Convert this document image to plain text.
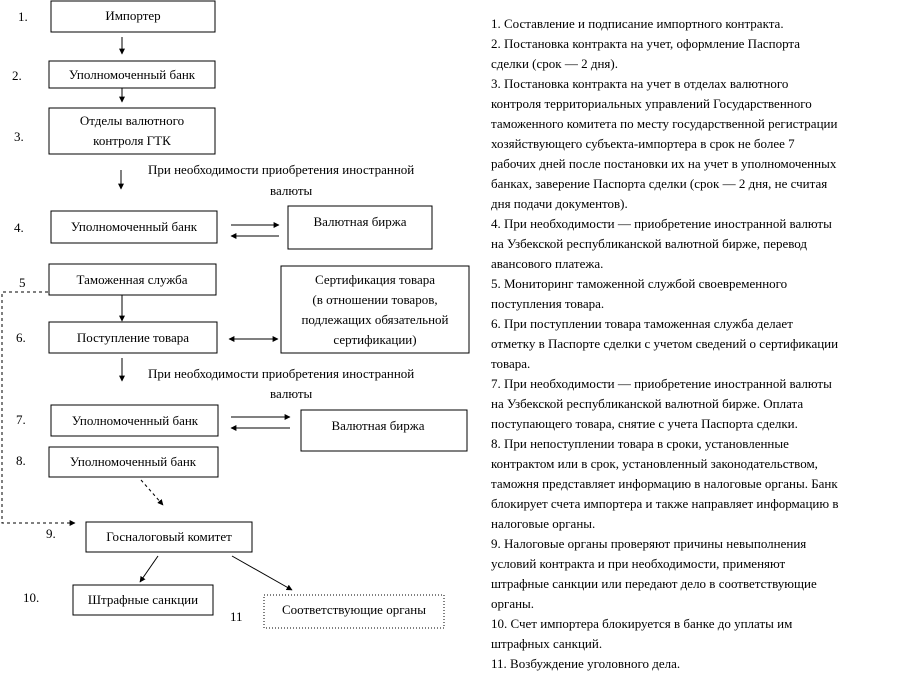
1.
2.
3.
4.
5
6.
7.
8.
9.
10.
11
Импортер
Уполномоченный банк
Отделы валютного
контроля ГТК
Уполномоченный банк	Валютная биржа
Таможенная служба	Сертификация товара
(в отношении товаров,
подлежащих обязательной
сертификации)
Поступление товара
Уполномоченный банк	Валютная биржа
Уполномоченный банк
Госналоговый комитет
Штрафные санкции
Соответствующие органы
При необходимости приобретения иностранной
валюты
При необходимости приобретения иностранной
валюты
1. Составление и подписание импортного контракта.
2. Постановка контракта на учет, оформление Паспорта
сделки (срок — 2 дня).
3. Постановка контракта на учет в отделах валютного
контроля территориальных управлений Государственного
таможенного комитета по месту государственной регистрации
хозяйствующего субъекта-импортера в срок не более 7
рабочих дней после постановки их на учет в уполномоченных
банках, заверение Паспорта сделки (срок — 2 дня, не считая
дня подачи документов).
4. При необходимости — приобретение иностранной валюты
на Узбекской республиканской валютной бирже, перевод
авансового платежа.
5. Мониторинг таможенной службой своевременного
поступления товара.
6. При поступлении товара таможенная служба делает
отметку в Паспорте сделки с учетом сведений о сертификации
товара.
7. При необходимости — приобретение иностранной валюты
на Узбекской республиканской валютной бирже. Оплата
поступающего товара, снятие с учета Паспорта сделки.
8. При непоступлении товара в сроки, установленные
контрактом или в срок, установленный законодательством,
таможня представляет информацию в налоговые органы. Банк
блокирует счета импортера и также направляет информацию в
налоговые органы.
9. Налоговые органы проверяют причины невыполнения
условий контракта и при необходимости, применяют
штрафные санкции или передают дело в соответствующие
органы.
10. Счет импортера блокируется в банке до уплаты им
штрафных санкций.
11. Возбуждение уголовного дела.
